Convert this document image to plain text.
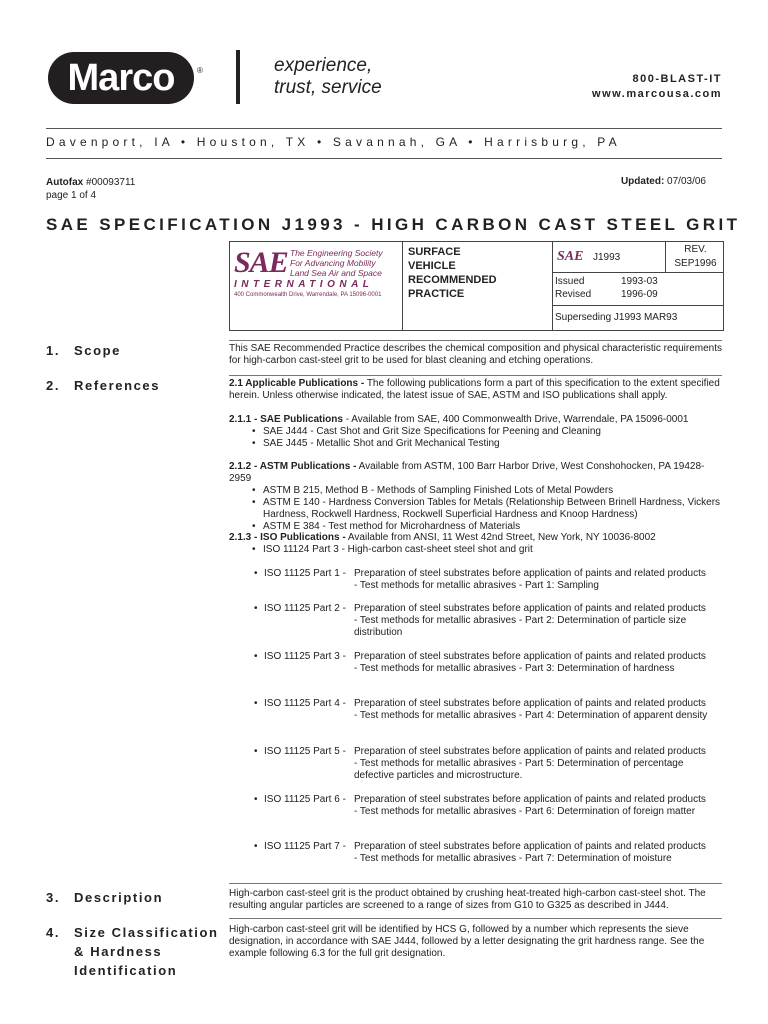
Marco	®	experience,
trust, service	800-BLAST-IT
www.marcousa.com
Davenport, IA • Houston, TX • Savannah, GA • Harrisburg, PA
Autofax #00093711
page 1 of 4
Updated: 07/03/06
SAE SPECIFICATION J1993 - HIGH CARBON CAST STEEL GRIT
SAE The Engineering Society
For Advancing Mobility
Land Sea Air and Space
INTERNATIONAL
400 Commonwealth Drive, Warrendale, PA 15096-0001
SURFACE
VEHICLE
RECOMMENDED
PRACTICE
SAE J1993
REV.
SEP1996
Issued	1993-03
Revised	1996-09
Superseding J1993 MAR93
1. Scope	This SAE Recommended Practice describes the chemical composition and physical characteristic requirements for high-carbon cast-steel grit to be used for blast cleaning and etching operations.
2. References	2.1 Applicable Publications - The following publications form a part of this specification to the extent specified herein. Unless otherwise indicated, the latest issue of SAE, ASTM and ISO publications shall apply.
2.1.1 - SAE Publications - Available from SAE, 400 Commonwealth Drive, Warrendale, PA 15096-0001
• SAE J444 - Cast Shot and Grit Size Specifications for Peening and Cleaning
• SAE J445 - Metallic Shot and Grit Mechanical Testing
2.1.2 - ASTM Publications - Available from ASTM, 100 Barr Harbor Drive, West Conshohocken, PA 19428-2959
• ASTM B 215, Method B - Methods of Sampling Finished Lots of Metal Powders
• ASTM E 140 - Hardness Conversion Tables for Metals (Relationship Between Brinell Hardness, Vickers Hardness, Rockwell Hardness, Rockwell Superficial Hardness and Knoop Hardness)
• ASTM E 384 - Test method for Microhardness of Materials
2.1.3 - ISO Publications - Available from ANSI, 11 West 42nd Street, New York, NY 10036-8002
• ISO 11124 Part 3 - High-carbon cast-sheet steel shot and grit
• ISO 11125 Part 1 - Preparation of steel substrates before application of paints and related products - Test methods for metallic abrasives - Part 1: Sampling
• ISO 11125 Part 2 - Preparation of steel substrates before application of paints and related products - Test methods for metallic abrasives - Part 2: Determination of particle size distribution
• ISO 11125 Part 3 - Preparation of steel substrates before application of paints and related products - Test methods for metallic abrasives - Part 3: Determination of hardness
• ISO 11125 Part 4 - Preparation of steel substrates before application of paints and related products - Test methods for metallic abrasives - Part 4: Determination of apparent density
• ISO 11125 Part 5 - Preparation of steel substrates before application of paints and related products - Test methods for metallic abrasives - Part 5: Determination of percentage defective particles and microstructure.
• ISO 11125 Part 6 - Preparation of steel substrates before application of paints and related products - Test methods for metallic abrasives - Part 6: Determination of foreign matter
• ISO 11125 Part 7 - Preparation of steel substrates before application of paints and related products - Test methods for metallic abrasives - Part 7: Determination of moisture
3. Description	High-carbon cast-steel grit is the product obtained by crushing heat-treated high-carbon cast-steel shot. The resulting angular particles are screened to a range of sizes from G10 to G325 as described in J444.
4. Size Classification
& Hardness
Identification
High-carbon cast-steel grit will be identified by HCS G, followed by a number which represents the sieve designation, in accordance with SAE J444, followed by a letter designating the grit hardness range. See the example following 6.3 for the full grit designation.
